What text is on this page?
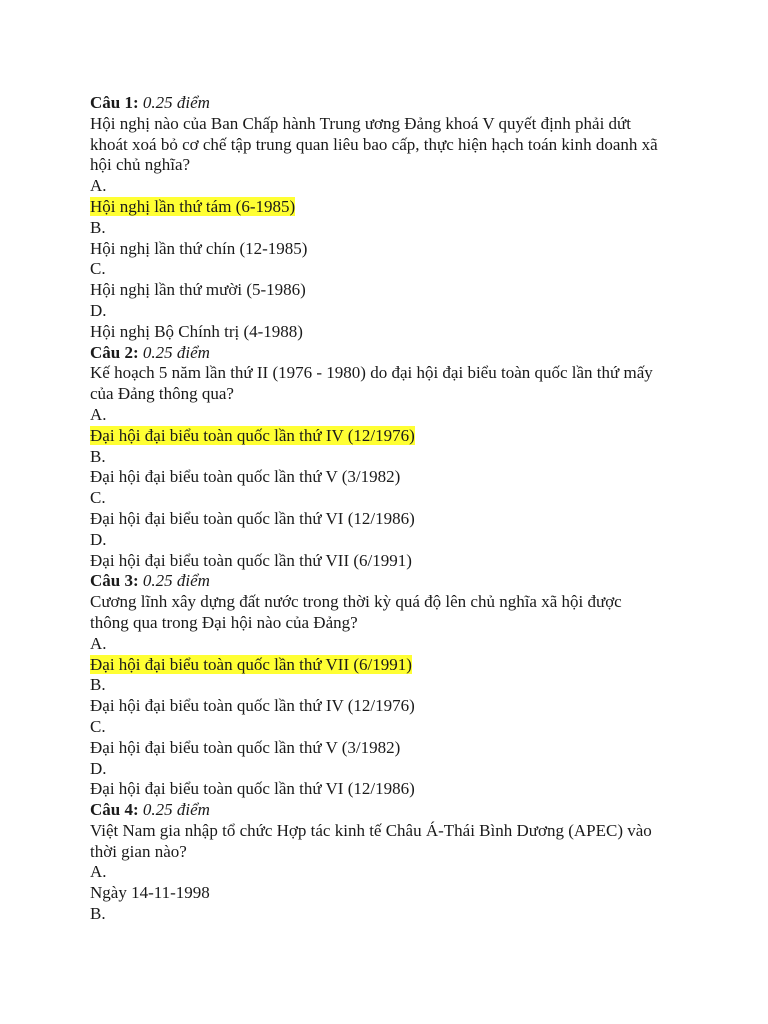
Câu 1: 0.25 điểm
Hội nghị nào của Ban Chấp hành Trung ương Đảng khoá V quyết định phải dứt
khoát xoá bỏ cơ chế tập trung quan liêu bao cấp, thực hiện hạch toán kinh doanh xã
hội chủ nghĩa?
A.
Hội nghị lần thứ tám (6-1985)
B.
Hội nghị lần thứ chín (12-1985)
C.
Hội nghị lần thứ mười (5-1986)
D.
Hội nghị Bộ Chính trị (4-1988)
Câu 2: 0.25 điểm
Kế hoạch 5 năm lần thứ II (1976 - 1980) do đại hội đại biểu toàn quốc lần thứ mấy
của Đảng thông qua?
A.
Đại hội đại biểu toàn quốc lần thứ IV (12/1976)
B.
Đại hội đại biểu toàn quốc lần thứ V (3/1982)
C.
Đại hội đại biểu toàn quốc lần thứ VI (12/1986)
D.
Đại hội đại biểu toàn quốc lần thứ VII (6/1991)
Câu 3: 0.25 điểm
Cương lĩnh xây dựng đất nước trong thời kỳ quá độ lên chủ nghĩa xã hội được
thông qua trong Đại hội nào của Đảng?
A.
Đại hội đại biểu toàn quốc lần thứ VII (6/1991)
B.
Đại hội đại biểu toàn quốc lần thứ IV (12/1976)
C.
Đại hội đại biểu toàn quốc lần thứ V (3/1982)
D.
Đại hội đại biểu toàn quốc lần thứ VI (12/1986)
Câu 4: 0.25 điểm
Việt Nam gia nhập tổ chức Hợp tác kinh tế Châu Á-Thái Bình Dương (APEC) vào
thời gian nào?
A.
Ngày 14-11-1998
B.
